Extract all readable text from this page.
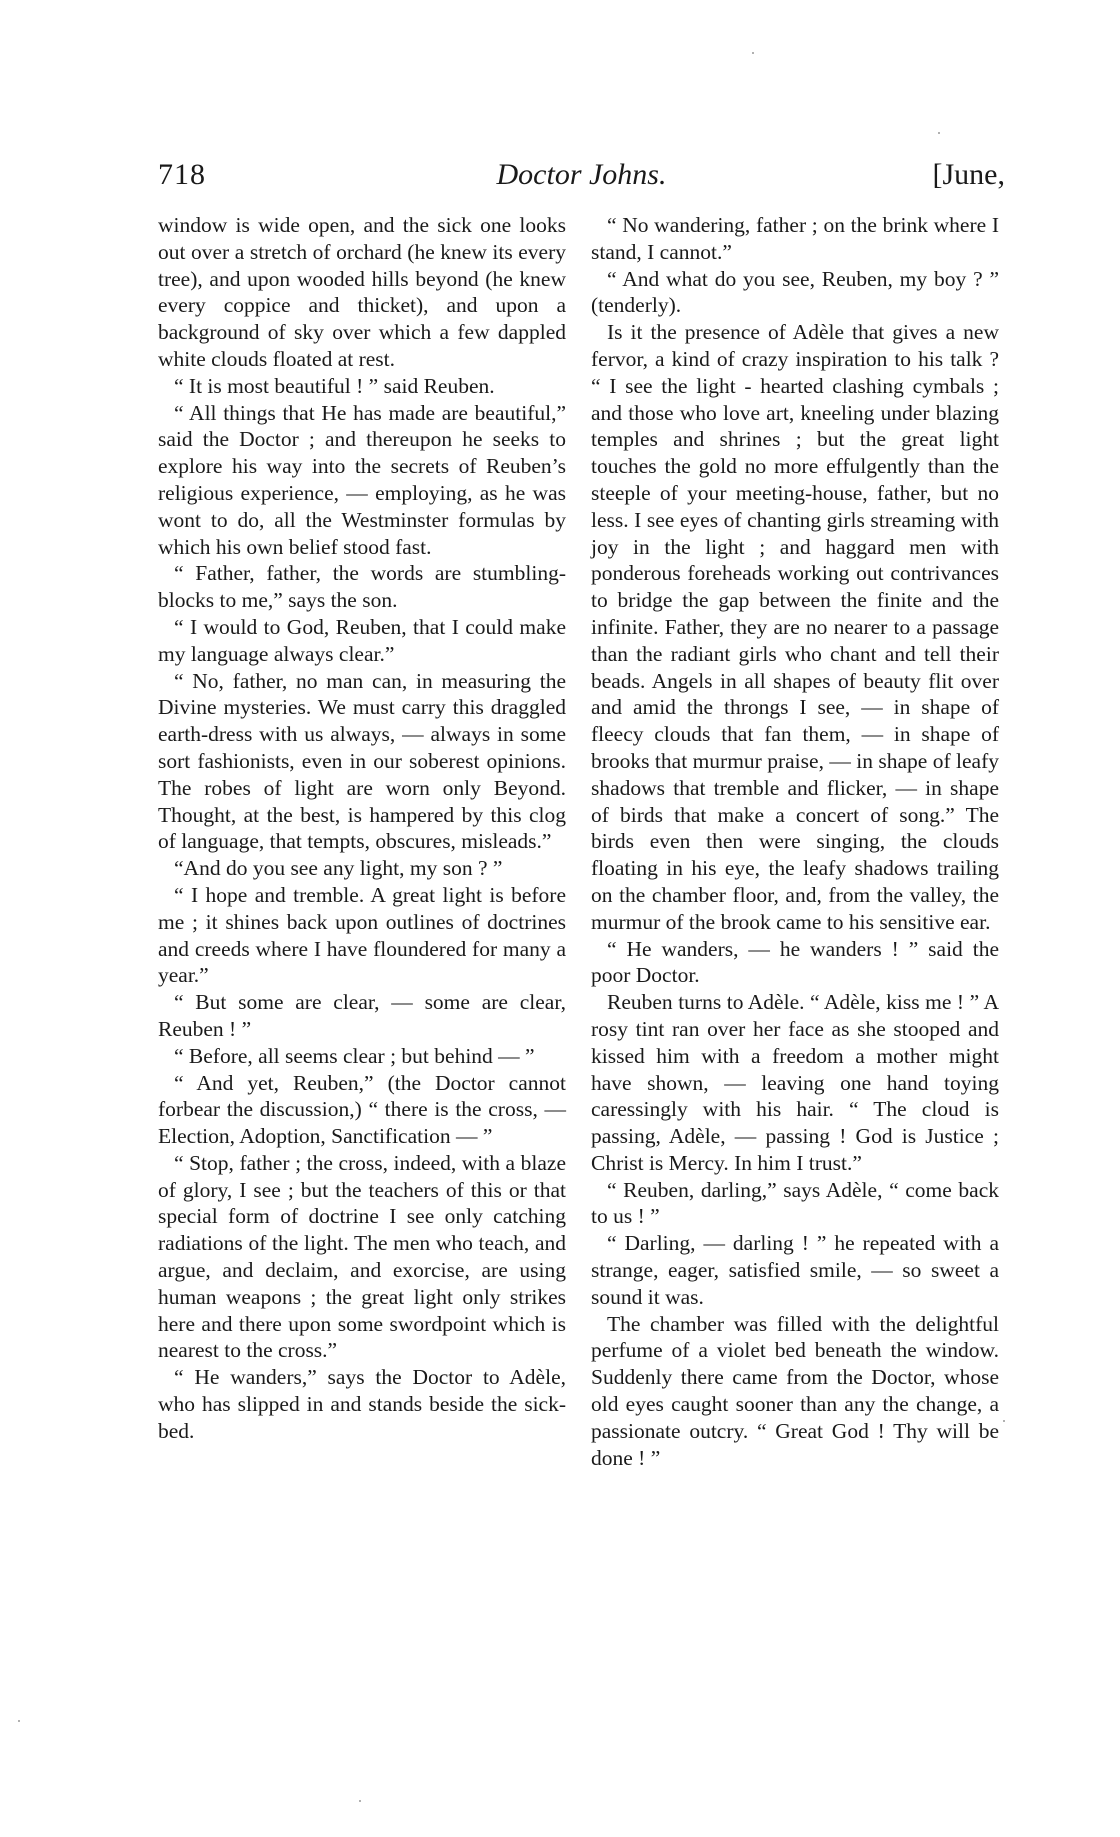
718	Doctor Johns.	[June,

window is wide open, and the sick one looks out over a stretch of orchard (he knew its every tree), and upon wooded hills beyond (he knew every coppice and thicket), and upon a background of sky over which a few dappled white clouds floated at rest.

“ It is most beautiful ! ” said Reuben.

“ All things that He has made are beautiful,” said the Doctor ; and thereupon he seeks to explore his way into the secrets of Reuben’s religious experience, — employing, as he was wont to do, all the Westminster formulas by which his own belief stood fast.

“ Father, father, the words are stumbling-blocks to me,” says the son.

“ I would to God, Reuben, that I could make my language always clear.”

“ No, father, no man can, in measuring the Divine mysteries. We must carry this draggled earth-dress with us always, — always in some sort fashionists, even in our soberest opinions. The robes of light are worn only Beyond. Thought, at the best, is hampered by this clog of language, that tempts, obscures, misleads.”

“And do you see any light, my son ? ”

“ I hope and tremble. A great light is before me ; it shines back upon outlines of doctrines and creeds where I have floundered for many a year.”

“ But some are clear, — some are clear, Reuben ! ”

“ Before, all seems clear ; but behind — ”

“ And yet, Reuben,” (the Doctor cannot forbear the discussion,) “ there is the cross, — Election, Adoption, Sanctification — ”

“ Stop, father ; the cross, indeed, with a blaze of glory, I see ; but the teachers of this or that special form of doctrine I see only catching radiations of the light. The men who teach, and argue, and declaim, and exorcise, are using human weapons ; the great light only strikes here and there upon some swordpoint which is nearest to the cross.”

“ He wanders,” says the Doctor to Adèle, who has slipped in and stands beside the sick-bed.

“ No wandering, father ; on the brink where I stand, I cannot.”

“ And what do you see, Reuben, my boy ? ” (tenderly).

Is it the presence of Adèle that gives a new fervor, a kind of crazy inspiration to his talk ? “ I see the light - hearted clashing cymbals ; and those who love art, kneeling under blazing temples and shrines ; but the great light touches the gold no more effulgently than the steeple of your meeting-house, father, but no less. I see eyes of chanting girls streaming with joy in the light ; and haggard men with ponderous foreheads working out contrivances to bridge the gap between the finite and the infinite. Father, they are no nearer to a passage than the radiant girls who chant and tell their beads. Angels in all shapes of beauty flit over and amid the throngs I see, — in shape of fleecy clouds that fan them, — in shape of brooks that murmur praise, — in shape of leafy shadows that tremble and flicker, — in shape of birds that make a concert of song.” The birds even then were singing, the clouds floating in his eye, the leafy shadows trailing on the chamber floor, and, from the valley, the murmur of the brook came to his sensitive ear.

“ He wanders, — he wanders ! ” said the poor Doctor.

Reuben turns to Adèle. “ Adèle, kiss me ! ” A rosy tint ran over her face as she stooped and kissed him with a freedom a mother might have shown, — leaving one hand toying caressingly with his hair. “ The cloud is passing, Adèle, — passing ! God is Justice ; Christ is Mercy. In him I trust.”

“ Reuben, darling,” says Adèle, “ come back to us ! ”

“ Darling, — darling ! ” he repeated with a strange, eager, satisfied smile, — so sweet a sound it was.

The chamber was filled with the delightful perfume of a violet bed beneath the window. Suddenly there came from the Doctor, whose old eyes caught sooner than any the change, a passionate outcry. “ Great God ! Thy will be done ! ”
